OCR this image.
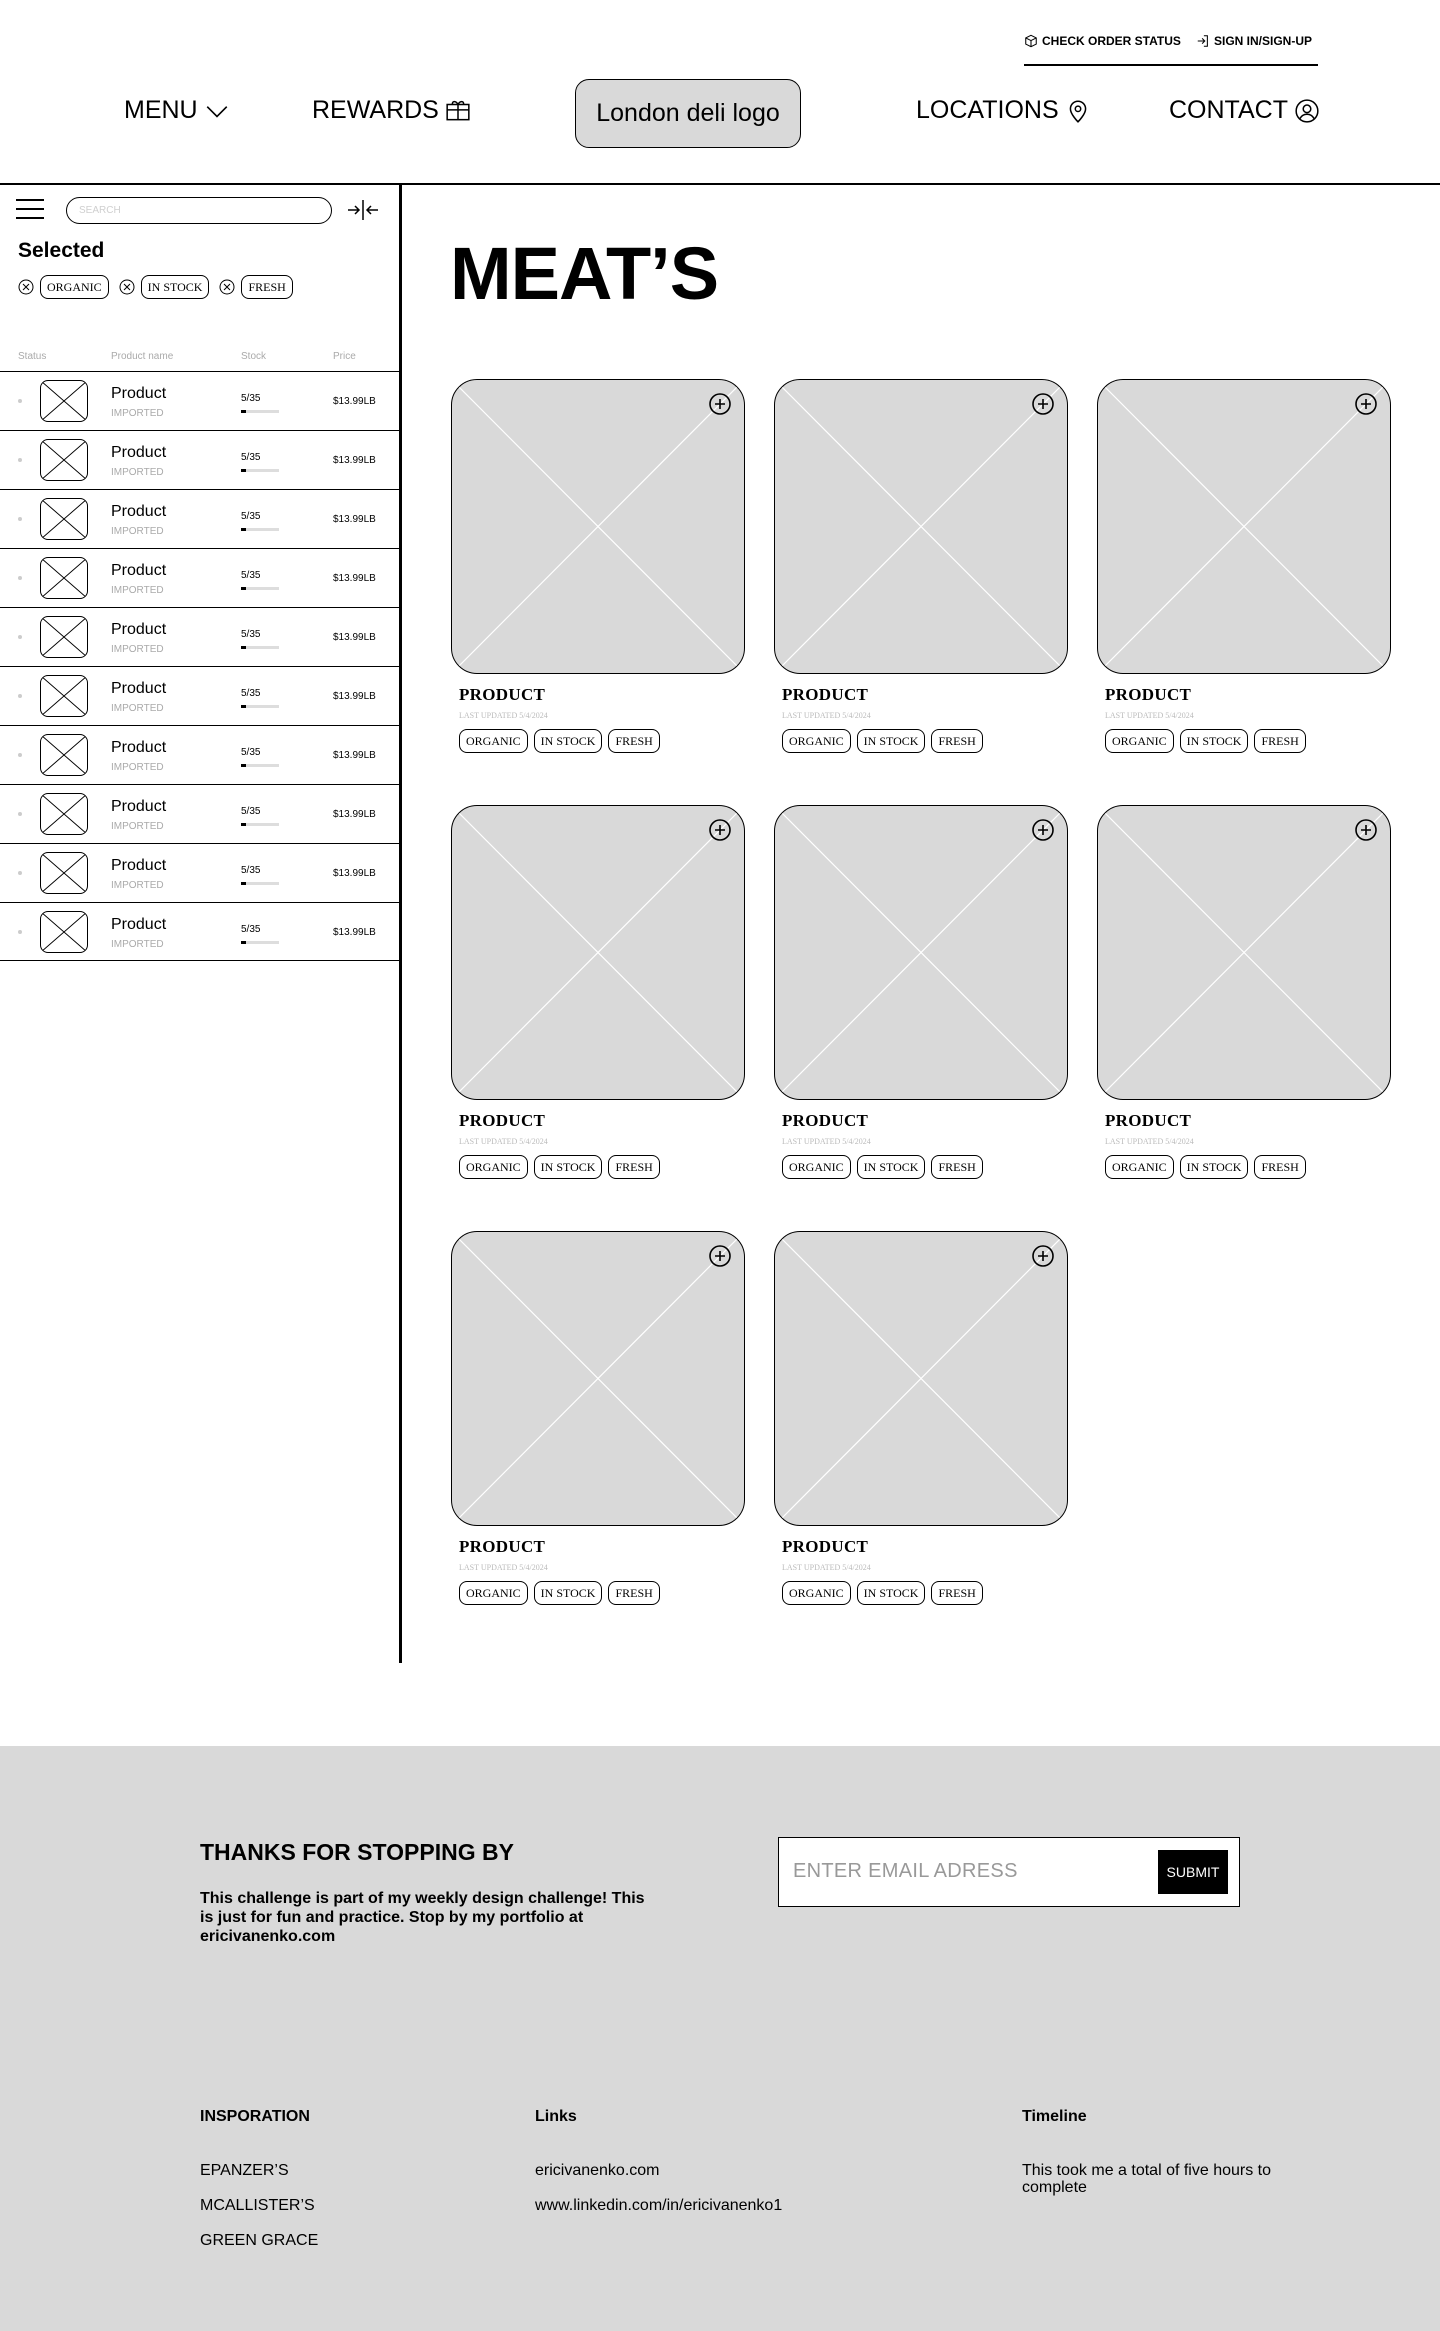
CHECK ORDER STATUS	SIGN IN/SIGN-UP
MENU	REWARDS	London deli logo	LOCATIONS	CONTACT
SEARCH
Selected
ORGANIC	IN STOCK	FRESH
Status	Product name	Stock	Price
Product
IMPORTED
5/35	$13.99LB
Product
IMPORTED
5/35	$13.99LB
Product
IMPORTED
5/35	$13.99LB
Product
IMPORTED
5/35	$13.99LB
Product
IMPORTED
5/35	$13.99LB
Product
IMPORTED
5/35	$13.99LB
Product
IMPORTED
5/35	$13.99LB
Product
IMPORTED
5/35	$13.99LB
Product
IMPORTED
5/35	$13.99LB
Product
IMPORTED
5/35	$13.99LB
MEAT’S
PRODUCT
LAST UPDATED 5/4/2024
ORGANIC	IN STOCK	FRESH
PRODUCT
LAST UPDATED 5/4/2024
ORGANIC	IN STOCK	FRESH
PRODUCT
LAST UPDATED 5/4/2024
ORGANIC	IN STOCK	FRESH
PRODUCT
LAST UPDATED 5/4/2024
ORGANIC	IN STOCK	FRESH
PRODUCT
LAST UPDATED 5/4/2024
ORGANIC	IN STOCK	FRESH
PRODUCT
LAST UPDATED 5/4/2024
ORGANIC	IN STOCK	FRESH
PRODUCT
LAST UPDATED 5/4/2024
ORGANIC	IN STOCK	FRESH
PRODUCT
LAST UPDATED 5/4/2024
ORGANIC	IN STOCK	FRESH
THANKS FOR STOPPING BY

This challenge is part of my weekly design challenge! This is just for fun and practice. Stop by my portfolio at ericivanenko.com

ENTER EMAIL ADRESS
SUBMIT
INSPORATION
EPANZER’S
MCALLISTER’S
GREEN GRACE
Links
ericivanenko.com
www.linkedin.com/in/ericivanenko1
Timeline

This took me a total of five hours to complete
